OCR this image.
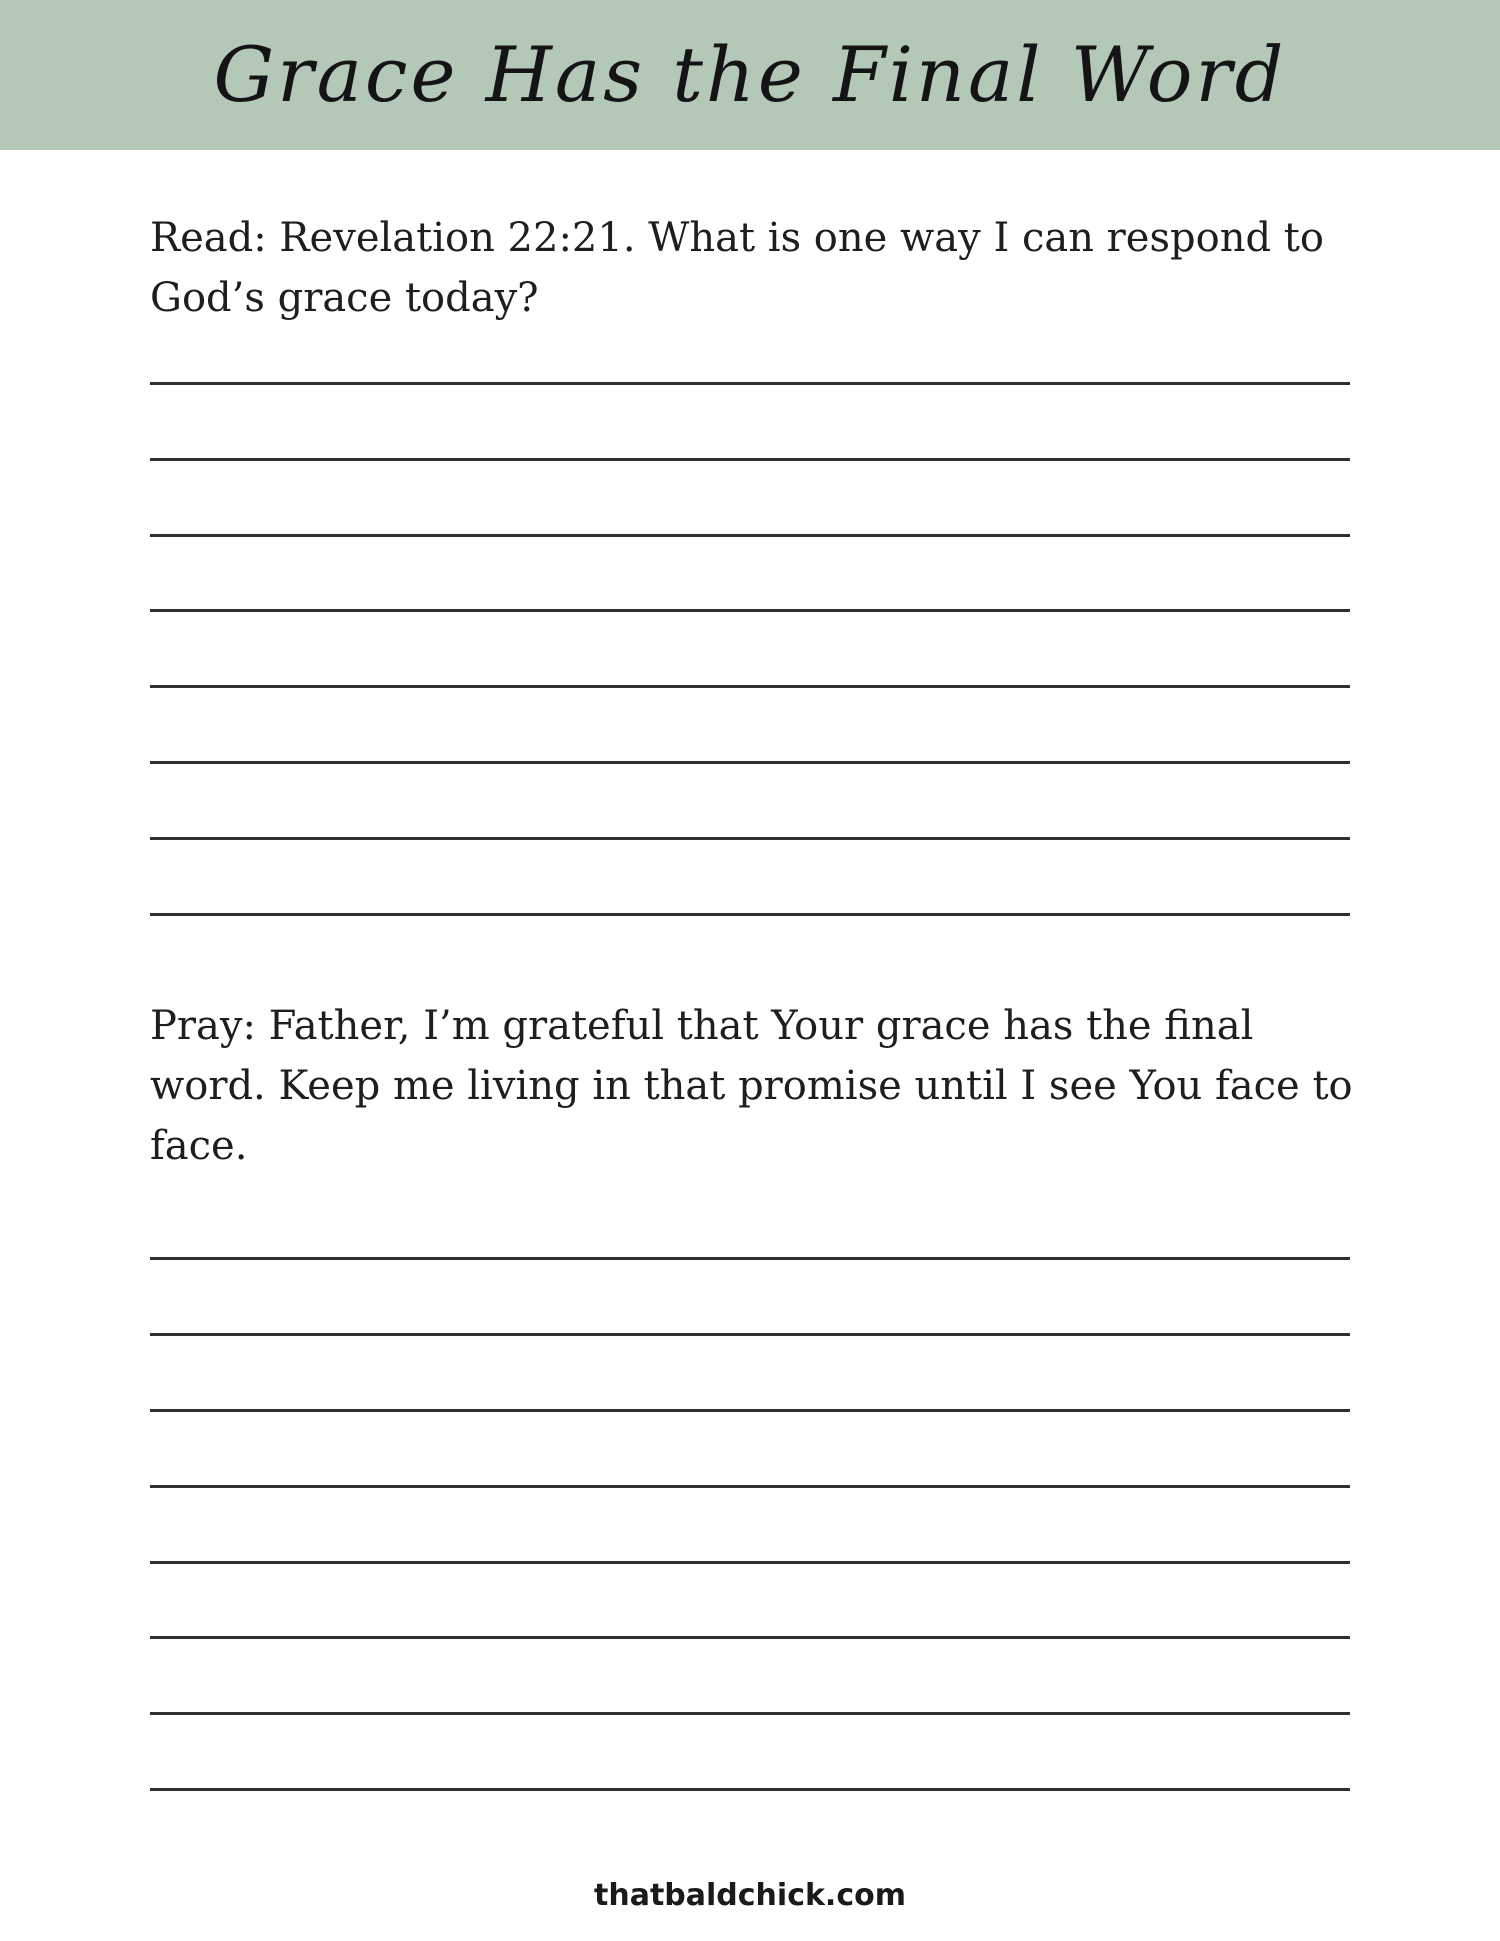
Grace Has the Final Word

Read: Revelation 22:21. What is one way I can respond to God’s grace today?

Pray: Father, I’m grateful that Your grace has the final word. Keep me living in that promise until I see You face to face.

thatbaldchick.com
